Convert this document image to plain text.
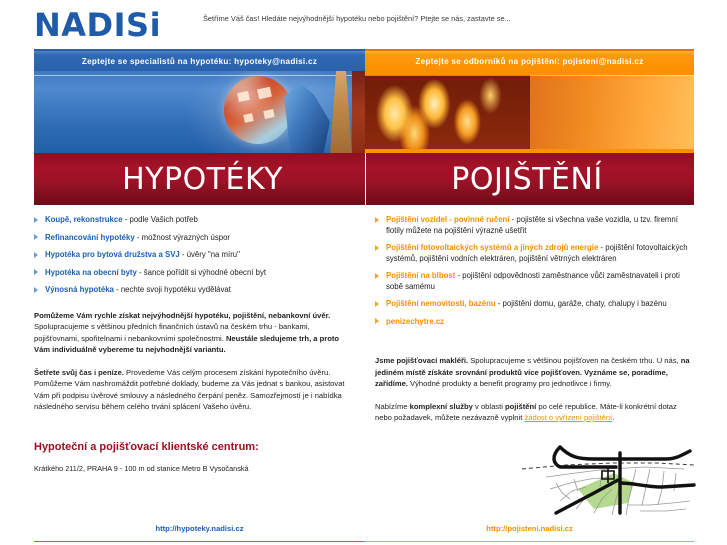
NADISi	Šetříme Váš čas! Hledáte nejvýhodnější hypotéku nebo pojištění? Ptejte se nás, zastavte se...
Zeptejte se specialistů na hypotéku: hypoteky@nadisi.cz	Zeptejte se odborníků na pojištění: pojisteni@nadisi.cz
HYPOTÉKY	POJIŠTĚNÍ
Koupě, rekonstrukce - podle Vašich potřeb
Refinancování hypotéky - možnost výrazných úspor
Hypotéka pro bytová družstva a SVJ - úvěry "na míru"
Hypotéka na obecní byty - šance pořídit si výhodné obecní byt
Výnosná hypotéka - nechte svoji hypotéku vydělávat

Pomůžeme Vám rychle získat nejvýhodnější hypotéku, pojištění, nebankovní úvěr. Spolupracujeme s většinou předních finančních ústavů na českém trhu - bankami, pojišťovnami, spořitelnami i nebankovními společnostmi. Neustále sledujeme trh, a proto Vám individuálně vybereme tu nejvhodnější variantu.

Šetřete svůj čas i peníze. Provedeme Vás celým procesem získání hypotečního úvěru. Pomůžeme Vám nashromáždit potřebné doklady, budeme za Vás jednat s bankou, asistovat Vám při podpisu úvěrové smlouvy a následného čerpání peněz. Samozřejmostí je i nabídka následného servisu během celého trvání splácení Vašeho úvěru.

Hypoteční a pojišťovací klientské centrum:

Krátkého 211/2, PRAHA 9 - 100 m od stanice Metro B Vysočanská

Pojištění vozidel - povinné ručení - pojistěte si všechna vaše vozidla, u tzv. firemní flotily můžete na pojištění výrazně ušetřit
Pojištění fotovoltaických systémů a jiných zdrojů energie - pojištění fotovoltaických systémů, pojištění vodních elektráren, pojištění větrných elektráren
Pojištění na blbost - pojištění odpovědnosti zaměstnance vůči zaměstnavateli i proti sobě samému
Pojištění nemovitosti, bazénu - pojištění domu, garáže, chaty, chalupy i bazénu
penizechytre.cz

Jsme pojišťovací makléři. Spolupracujeme s většinou pojišťoven na českém trhu. U nás, na jediném místě získáte srovnání produktů více pojišťoven. Vyznáme se, poradíme, zařídíme. Výhodné produkty a benefit programy pro jednotlivce i firmy.

Nabízíme komplexní služby v oblasti pojištění po celé republice. Máte-li konkrétní dotaz nebo požadavek, můžete nezávazně vyplnit žádost o vyřízení pojištění.

http://hypoteky.nadisi.cz	http://pojisteni.nadisi.cz
